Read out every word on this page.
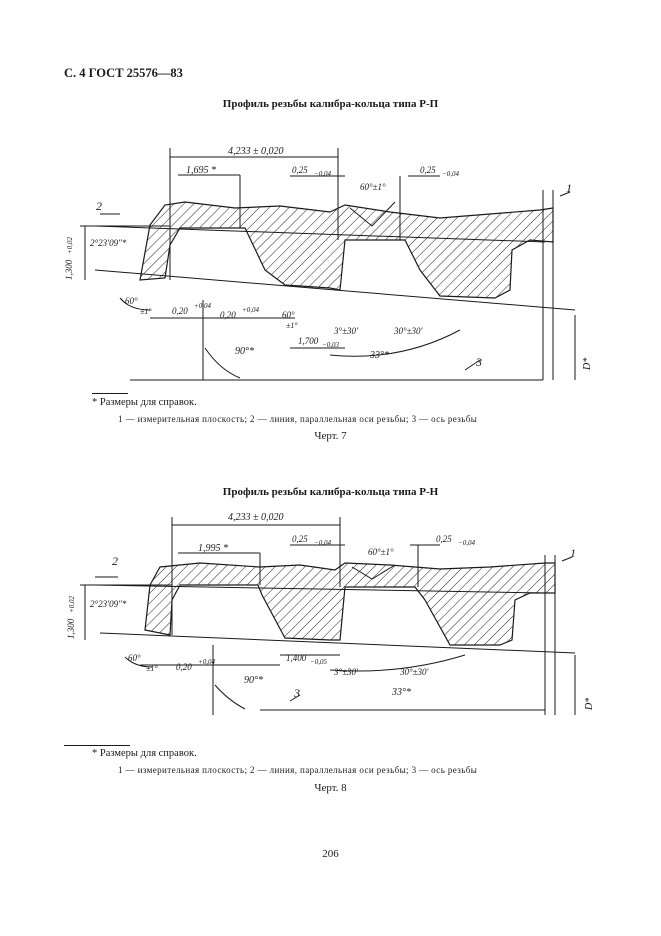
С. 4 ГОСТ 25576—83
Профиль резьбы калибра-кольца типа Р-П
4,233 ± 0,020
1,695 *	0,25 −0,04	0,25 −0,04
60°±1°	1
2
3
2°23′09″*
1,300
+0,02
60°
±1° 0,20 +0,04
0,20 +0,04	60°
±1°
1,700 −0,03
3°±30′	30°±30′
33°*
90°*
D*
* Размеры для справок.
1 — измерительная плоскость; 2 — линия, параллельная оси резьбы; 3 — ось резьбы
Черт. 7
Профиль резьбы калибра-кольца типа Р-Н
4,233 ± 0,020
1,995 *
0,25 −0,04	0,25 −0,04
60°±1°	1
2
3
2°23′09″*
1,300
+0,02
60°
±1° 0,20 +0,04	1,400 −0,05
3°±30′	30°±30′
33°*
90°*
D*
* Размеры для справок.
1 — измерительная плоскость; 2 — линия, параллельная оси резьбы; 3 — ось резьбы
Черт. 8
206
